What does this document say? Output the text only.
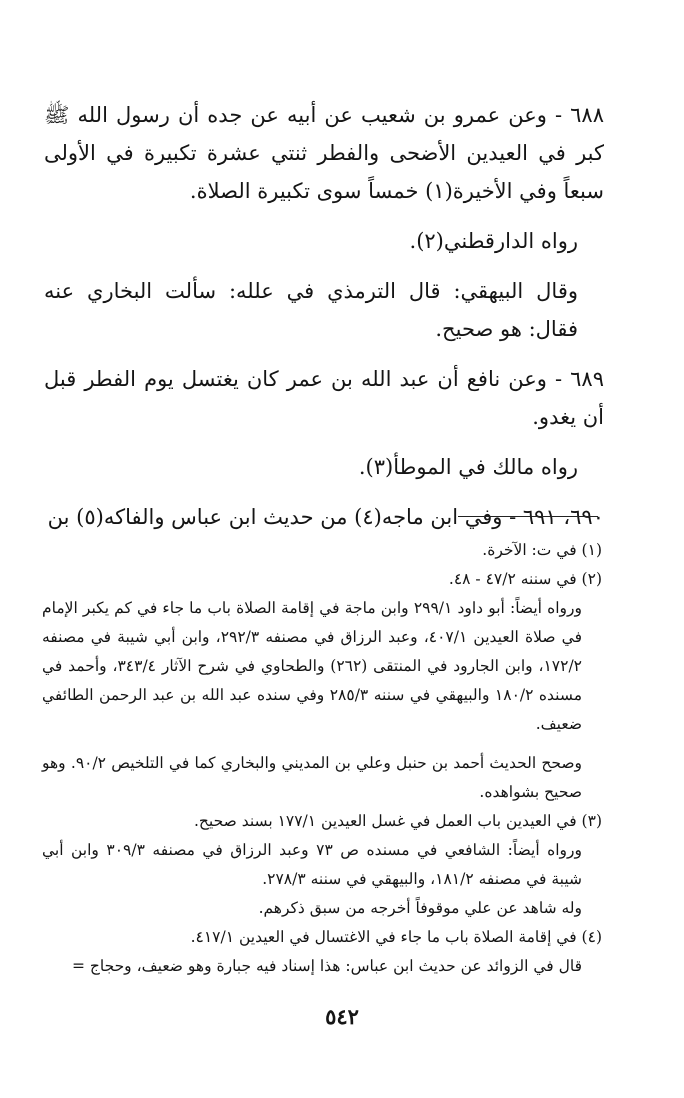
٦٨٨ - وعن عمرو بن شعيب عن أبيه عن جده أن رسول الله ﷺ كبر في العيدين الأضحى والفطر ثنتي عشرة تكبيرة في الأولى سبعاً وفي الأخيرة(١) خمساً سوى تكبيرة الصلاة.

رواه الدارقطني(٢).

وقال البيهقي: قال الترمذي في علله: سألت البخاري عنه فقال: هو صحيح.

٦٨٩ - وعن نافع أن عبد الله بن عمر كان يغتسل يوم الفطر قبل أن يغدو.

رواه مالك في الموطأ(٣).

٦٩٠، ٦٩١ - وفي ابن ماجه(٤) من حديث ابن عباس والفاكه(٥) بن

(١) في ت: الآخرة.

(٢) في سننه ٤٧/٢ - ٤٨.

ورواه أيضاً: أبو داود ٢٩٩/١ وابن ماجة في إقامة الصلاة باب ما جاء في كم يكبر الإمام في صلاة العيدين ٤٠٧/١، وعبد الرزاق في مصنفه ٢٩٢/٣، وابن أبي شيبة في مصنفه ١٧٢/٢، وابن الجارود في المنتقى (٢٦٢) والطحاوي في شرح الآثار ٣٤٣/٤، وأحمد في مسنده ١٨٠/٢ والبيهقي في سننه ٢٨٥/٣ وفي سنده عبد الله بن عبد الرحمن الطائفي ضعيف.

وصحح الحديث أحمد بن حنبل وعلي بن المديني والبخاري كما في التلخيص ٩٠/٢. وهو صحيح بشواهده.

(٣) في العيدين باب العمل في غسل العيدين ١٧٧/١ بسند صحيح.

ورواه أيضاً: الشافعي في مسنده ص ٧٣ وعبد الرزاق في مصنفه ٣٠٩/٣ وابن أبي شيبة في مصنفه ١٨١/٢، والبيهقي في سننه ٢٧٨/٣.

وله شاهد عن علي موقوفاً أخرجه من سبق ذكرهم.

(٤) في إقامة الصلاة باب ما جاء في الاغتسال في العيدين ٤١٧/١.

قال في الزوائد عن حديث ابن عباس: هذا إسناد فيه جبارة وهو ضعيف، وحجاج =

٥٤٢
